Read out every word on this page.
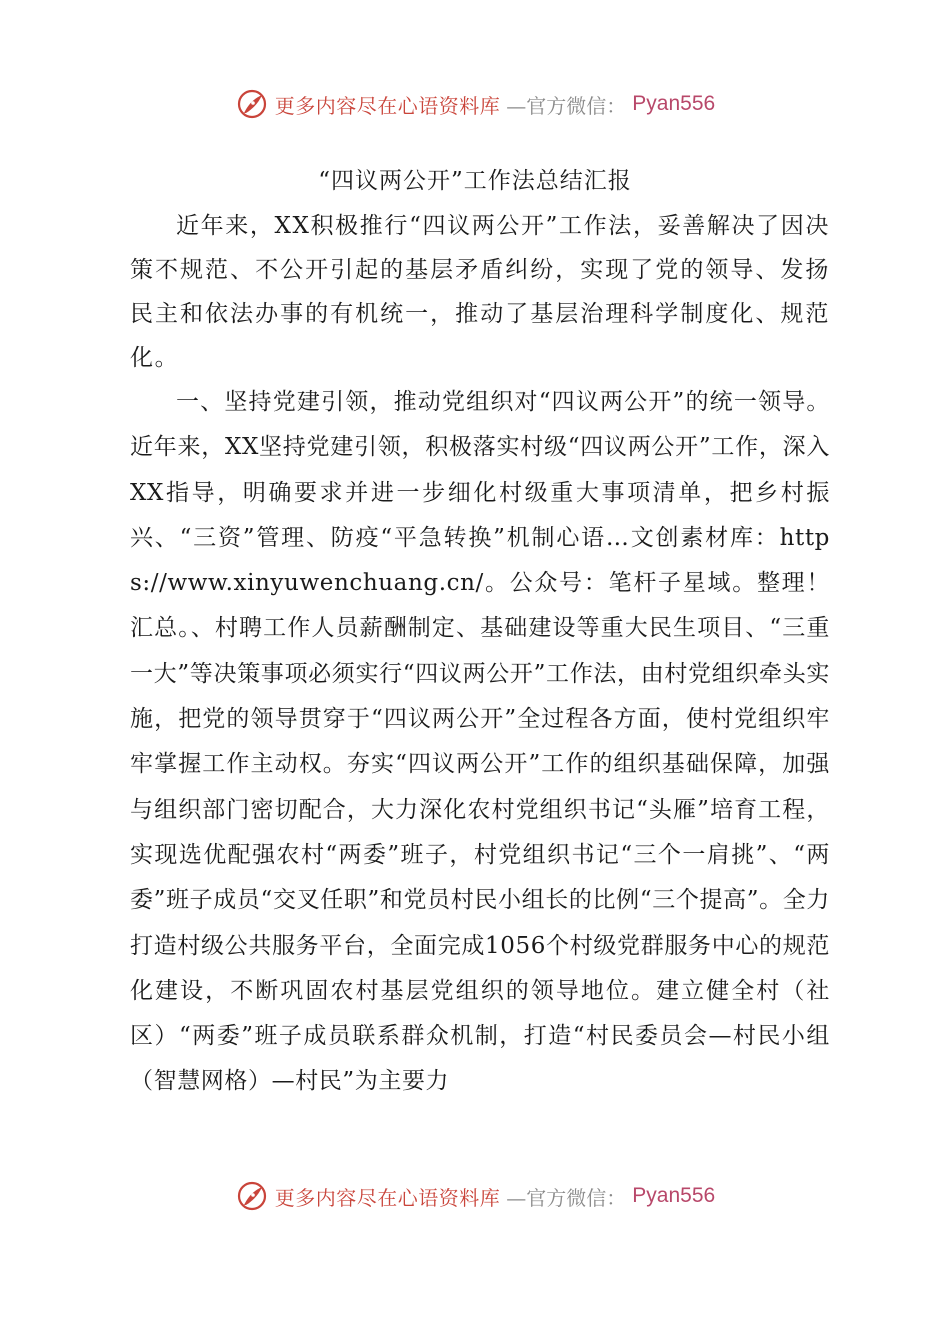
更多内容尽在心语资料库 —官方微信： Pyan556
“四议两公开”工作法总结汇报

近年来，XX积极推行“四议两公开”工作法，妥善解决了因决策不规范、不公开引起的基层矛盾纠纷，实现了党的领导、发扬民主和依法办事的有机统一，推动了基层治理科学制度化、规范化。

一、坚持党建引领，推动党组织对“四议两公开”的统一领导。近年来，XX坚持党建引领，积极落实村级“四议两公开”工作，深入XX指导，明确要求并进一步细化村级重大事项清单，把乡村振兴、“三资”管理、防疫“平急转换”机制心语…文创素材库：https://www.xinyuwenchuang.cn/。公众号：笔杆子星域。整理！汇总。、村聘工作人员薪酬制定、基础建设等重大民生项目、“三重一大”等决策事项必须实行“四议两公开”工作法，由村党组织牵头实施，把党的领导贯穿于“四议两公开”全过程各方面，使村党组织牢牢掌握工作主动权。夯实“四议两公开”工作的组织基础保障，加强与组织部门密切配合，大力深化农村党组织书记“头雁”培育工程，实现选优配强农村“两委”班子，村党组织书记“三个一肩挑”、“两委”班子成员“交叉任职”和党员村民小组长的比例“三个提高”。全力打造村级公共服务平台，全面完成1056个村级党群服务中心的规范化建设，不断巩固农村基层党组织的领导地位。建立健全村（社区）“两委”班子成员联系群众机制，打造“村民委员会—村民小组（智慧网格）—村民”为主要力

更多内容尽在心语资料库 —官方微信： Pyan556
